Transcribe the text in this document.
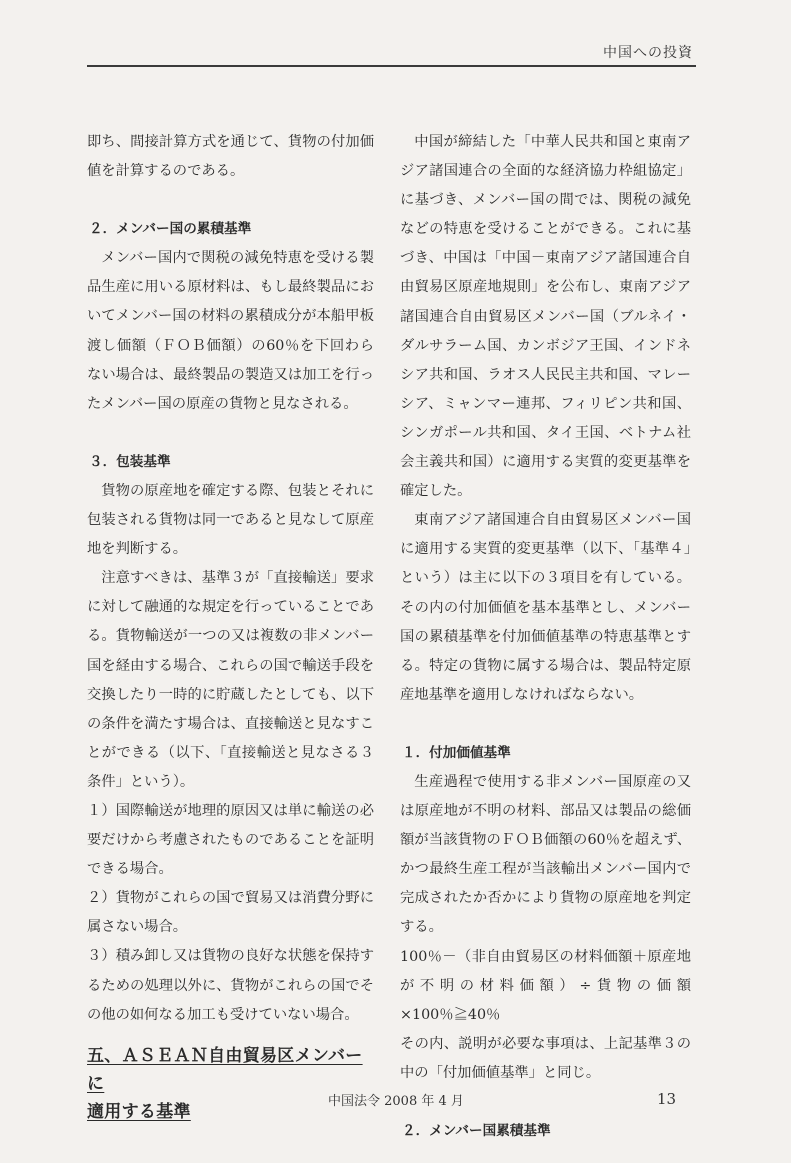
中国への投資

即ち、間接計算方式を通じて、貨物の付加価値を計算するのである。

２．メンバー国の累積基準

メンバー国内で関税の減免特恵を受ける製品生産に用いる原材料は、もし最終製品においてメンバー国の材料の累積成分が本船甲板渡し価額（ＦＯＢ価額）の60％を下回わらない場合は、最終製品の製造又は加工を行ったメンバー国の原産の貨物と見なされる。

３．包装基準

貨物の原産地を確定する際、包装とそれに包装される貨物は同一であると見なして原産地を判断する。

注意すべきは、基準３が「直接輸送」要求に対して融通的な規定を行っていることである。貨物輸送が一つの又は複数の非メンバー国を経由する場合、これらの国で輸送手段を交換したり一時的に貯蔵したとしても、以下の条件を満たす場合は、直接輸送と見なすことができる（以下、「直接輸送と見なさる３条件」という）。

１）国際輸送が地理的原因又は単に輸送の必要だけから考慮されたものであることを証明できる場合。

２）貨物がこれらの国で貿易又は消費分野に属さない場合。

３）積み卸し又は貨物の良好な状態を保持するための処理以外に、貨物がこれらの国でその他の如何なる加工も受けていない場合。

五、ＡＳＥＡＮ自由貿易区メンバーに
適用する基準

中国が締結した「中華人民共和国と東南アジア諸国連合の全面的な経済協力枠組協定」に基づき、メンバー国の間では、関税の減免などの特恵を受けることができる。これに基づき、中国は「中国－東南アジア諸国連合自由貿易区原産地規則」を公布し、東南アジア諸国連合自由貿易区メンバー国（ブルネイ・ダルサラーム国、カンボジア王国、インドネシア共和国、ラオス人民民主共和国、マレーシア、ミャンマー連邦、フィリピン共和国、シンガポール共和国、タイ王国、ベトナム社会主義共和国）に適用する実質的変更基準を確定した。

東南アジア諸国連合自由貿易区メンバー国に適用する実質的変更基準（以下、「基準４」という）は主に以下の３項目を有している。その内の付加価値を基本基準とし、メンバー国の累積基準を付加価値基準の特恵基準とする。特定の貨物に属する場合は、製品特定原産地基準を適用しなければならない。

１．付加価値基準

生産過程で使用する非メンバー国原産の又は原産地が不明の材料、部品又は製品の総価額が当該貨物のＦＯＢ価額の60％を超えず、かつ最終生産工程が当該輸出メンバー国内で完成されたか否かにより貨物の原産地を判定する。

100％－（非自由貿易区の材料価額＋原産地が不明の材料価額）÷貨物の価額×100％≧40％

その内、説明が必要な事項は、上記基準３の中の「付加価値基準」と同じ。

２．メンバー国累積基準

中国法令 2008 年 4 月	13
